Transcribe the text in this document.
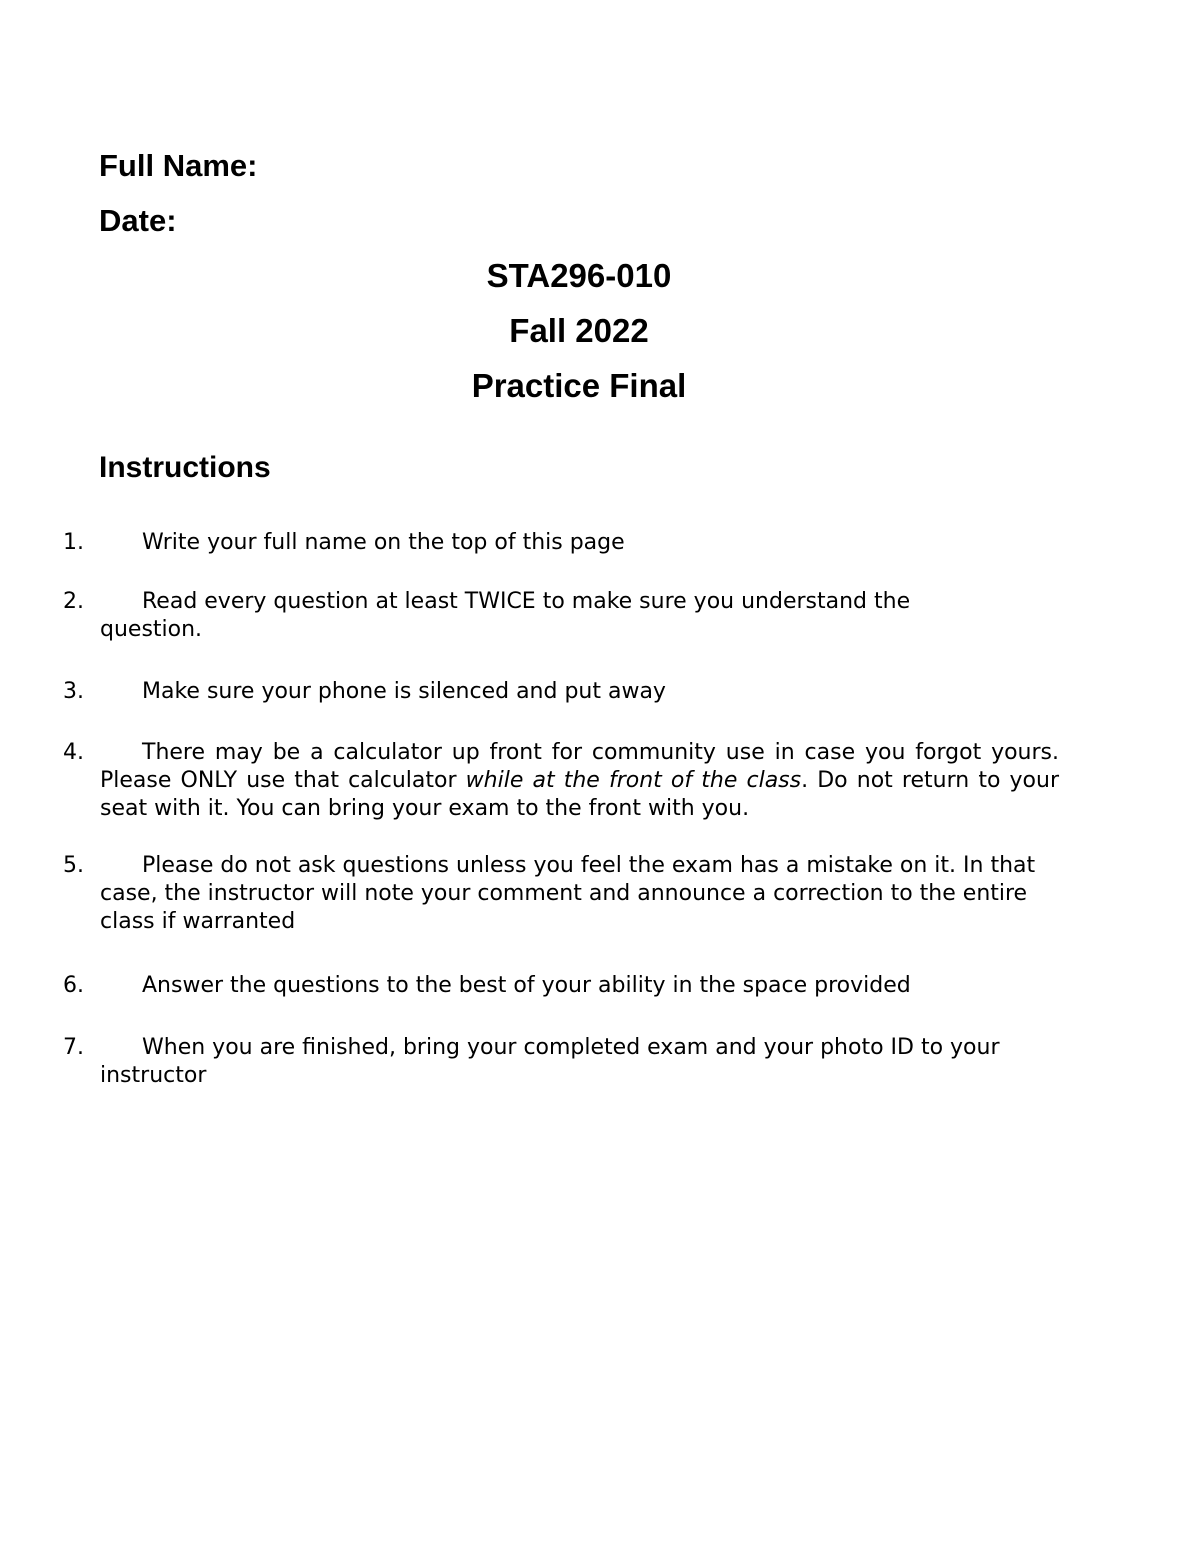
Full Name:
Date:
STA296-010
Fall 2022
Practice Final
Instructions
1.	Write your full name on the top of this page
2.	Read every question at least TWICE to make sure you understand the question.
3.	Make sure your phone is silenced and put away
4.	There may be a calculator up front for community use in case you forgot yours. Please ONLY use that calculator while at the front of the class. Do not return to your seat with it. You can bring your exam to the front with you.
5.	Please do not ask questions unless you feel the exam has a mistake on it. In that case, the instructor will note your comment and announce a correction to the entire class if warranted
6.	Answer the questions to the best of your ability in the space provided
7.	When you are finished, bring your completed exam and your photo ID to your instructor
